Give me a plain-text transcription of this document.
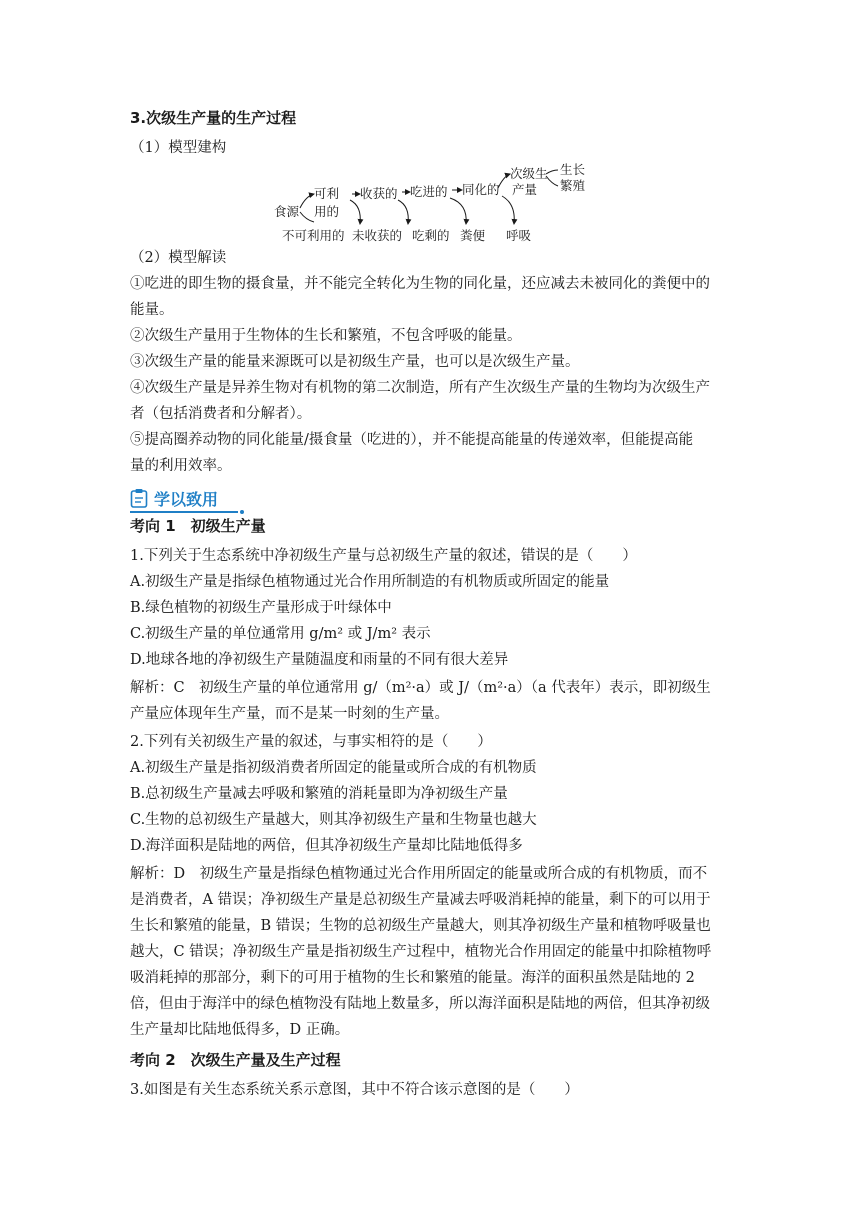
3.次级生产量的生产过程
（1）模型建构
食源
可利
用的
收获的 吃进的 同化的
次级生
产量
生长
繁殖
不可利用的 未收获的 吃剩的 粪便 呼吸
（2）模型解读
①吃进的即生物的摄食量，并不能完全转化为生物的同化量，还应减去未被同化的粪便中的
能量。
②次级生产量用于生物体的生长和繁殖，不包含呼吸的能量。
③次级生产量的能量来源既可以是初级生产量，也可以是次级生产量。
④次级生产量是异养生物对有机物的第二次制造，所有产生次级生产量的生物均为次级生产
者（包括消费者和分解者）。
⑤提高圈养动物的同化能量/摄食量（吃进的），并不能提高能量的传递效率，但能提高能
量的利用效率。
学以致用
考向 1　初级生产量
1.下列关于生态系统中净初级生产量与总初级生产量的叙述，错误的是（　　）
A.初级生产量是指绿色植物通过光合作用所制造的有机物质或所固定的能量
B.绿色植物的初级生产量形成于叶绿体中
C.初级生产量的单位通常用 g/m² 或 J/m² 表示
D.地球各地的净初级生产量随温度和雨量的不同有很大差异
解析：C　初级生产量的单位通常用 g/（m²·a）或 J/（m²·a）（a 代表年）表示，即初级生
产量应体现年生产量，而不是某一时刻的生产量。
2.下列有关初级生产量的叙述，与事实相符的是（　　）
A.初级生产量是指初级消费者所固定的能量或所合成的有机物质
B.总初级生产量减去呼吸和繁殖的消耗量即为净初级生产量
C.生物的总初级生产量越大，则其净初级生产量和生物量也越大
D.海洋面积是陆地的两倍，但其净初级生产量却比陆地低得多
解析：D　初级生产量是指绿色植物通过光合作用所固定的能量或所合成的有机物质，而不
是消费者，A 错误；净初级生产量是总初级生产量减去呼吸消耗掉的能量，剩下的可以用于
生长和繁殖的能量，B 错误；生物的总初级生产量越大，则其净初级生产量和植物呼吸量也
越大，C 错误；净初级生产量是指初级生产过程中，植物光合作用固定的能量中扣除植物呼
吸消耗掉的那部分，剩下的可用于植物的生长和繁殖的能量。海洋的面积虽然是陆地的 2
倍，但由于海洋中的绿色植物没有陆地上数量多，所以海洋面积是陆地的两倍，但其净初级
生产量却比陆地低得多，D 正确。
考向 2　次级生产量及生产过程
3.如图是有关生态系统关系示意图，其中不符合该示意图的是（　　）
